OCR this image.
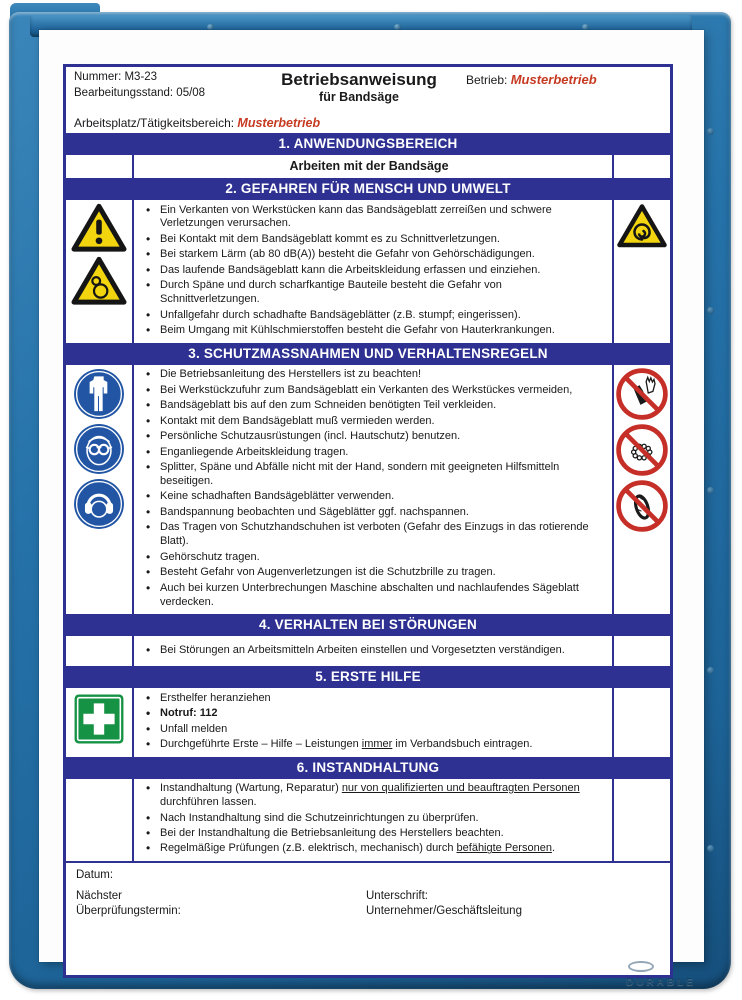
Nummer: M3-23
Bearbeitungsstand: 05/08
Betriebsanweisung
für Bandsäge
Betrieb: Musterbetrieb
Arbeitsplatz/Tätigkeitsbereich: Musterbetrieb
1. ANWENDUNGSBEREICH
Arbeiten mit der Bandsäge
2. GEFAHREN FÜR MENSCH UND UMWELT
• Ein Verkanten von Werkstücken kann das Bandsägeblatt zerreißen und schwere Verletzungen verursachen.
• Bei Kontakt mit dem Bandsägeblatt kommt es zu Schnittverletzungen.
• Bei starkem Lärm (ab 80 dB(A)) besteht die Gefahr von Gehörschädigungen.
• Das laufende Bandsägeblatt kann die Arbeitskleidung erfassen und einziehen.
• Durch Späne und durch scharfkantige Bauteile besteht die Gefahr von Schnittverletzungen.
• Unfallgefahr durch schadhafte Bandsägeblätter (z.B. stumpf; eingerissen).
• Beim Umgang mit Kühlschmierstoffen besteht die Gefahr von Hauterkrankungen.
3. SCHUTZMASSNAHMEN UND VERHALTENSREGELN
• Die Betriebsanleitung des Herstellers ist zu beachten!
• Bei Werkstückzufuhr zum Bandsägeblatt ein Verkanten des Werkstückes vermeiden,
• Bandsägeblatt bis auf den zum Schneiden benötigten Teil verkleiden.
• Kontakt mit dem Bandsägeblatt muß vermieden werden.
• Persönliche Schutzausrüstungen (incl. Hautschutz) benutzen.
• Enganliegende Arbeitskleidung tragen.
• Splitter, Späne und Abfälle nicht mit der Hand, sondern mit geeigneten Hilfsmitteln beseitigen.
• Keine schadhaften Bandsägeblätter verwenden.
• Bandspannung beobachten und Sägeblätter ggf. nachspannen.
• Das Tragen von Schutzhandschuhen ist verboten (Gefahr des Einzugs in das rotierende Blatt).
• Gehörschutz tragen.
• Besteht Gefahr von Augenverletzungen ist die Schutzbrille zu tragen.
• Auch bei kurzen Unterbrechungen Maschine abschalten und nachlaufendes Sägeblatt verdecken.
4. VERHALTEN BEI STÖRUNGEN
• Bei Störungen an Arbeitsmitteln Arbeiten einstellen und Vorgesetzten verständigen.
5. ERSTE HILFE
• Ersthelfer heranziehen
• Notruf: 112
• Unfall melden
• Durchgeführte Erste – Hilfe – Leistungen immer im Verbandsbuch eintragen.
6. INSTANDHALTUNG
• Instandhaltung (Wartung, Reparatur) nur von qualifizierten und beauftragten Personen durchführen lassen.
• Nach Instandhaltung sind die Schutzeinrichtungen zu überprüfen.
• Bei der Instandhaltung die Betriebsanleitung des Herstellers beachten.
• Regelmäßige Prüfungen (z.B. elektrisch, mechanisch) durch befähigte Personen.
Datum:
Nächster
Überprüfungstermin:
Unterschrift:
Unternehmer/Geschäftsleitung
DURABLE
